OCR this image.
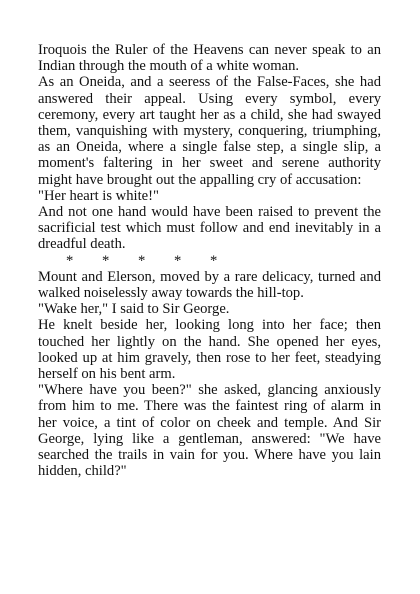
Iroquois the Ruler of the Heavens can never speak to an Indian through the mouth of a white woman.

As an Oneida, and a seeress of the False-Faces, she had answered their appeal. Using every symbol, every ceremony, every art taught her as a child, she had swayed them, vanquishing with mystery, conquering, triumphing, as an Oneida, where a single false step, a single slip, a moment's faltering in her sweet and serene authority might have brought out the appalling cry of accusation:

"Her heart is white!"

And not one hand would have been raised to prevent the sacrificial test which must follow and end inevitably in a dreadful death.

* * * * *

Mount and Elerson, moved by a rare delicacy, turned and walked noiselessly away towards the hill-top.

"Wake her," I said to Sir George.

He knelt beside her, looking long into her face; then touched her lightly on the hand. She opened her eyes, looked up at him gravely, then rose to her feet, steadying herself on his bent arm.

"Where have you been?" she asked, glancing anxiously from him to me. There was the faintest ring of alarm in her voice, a tint of color on cheek and temple. And Sir George, lying like a gentleman, answered: "We have searched the trails in vain for you. Where have you lain hidden, child?"
